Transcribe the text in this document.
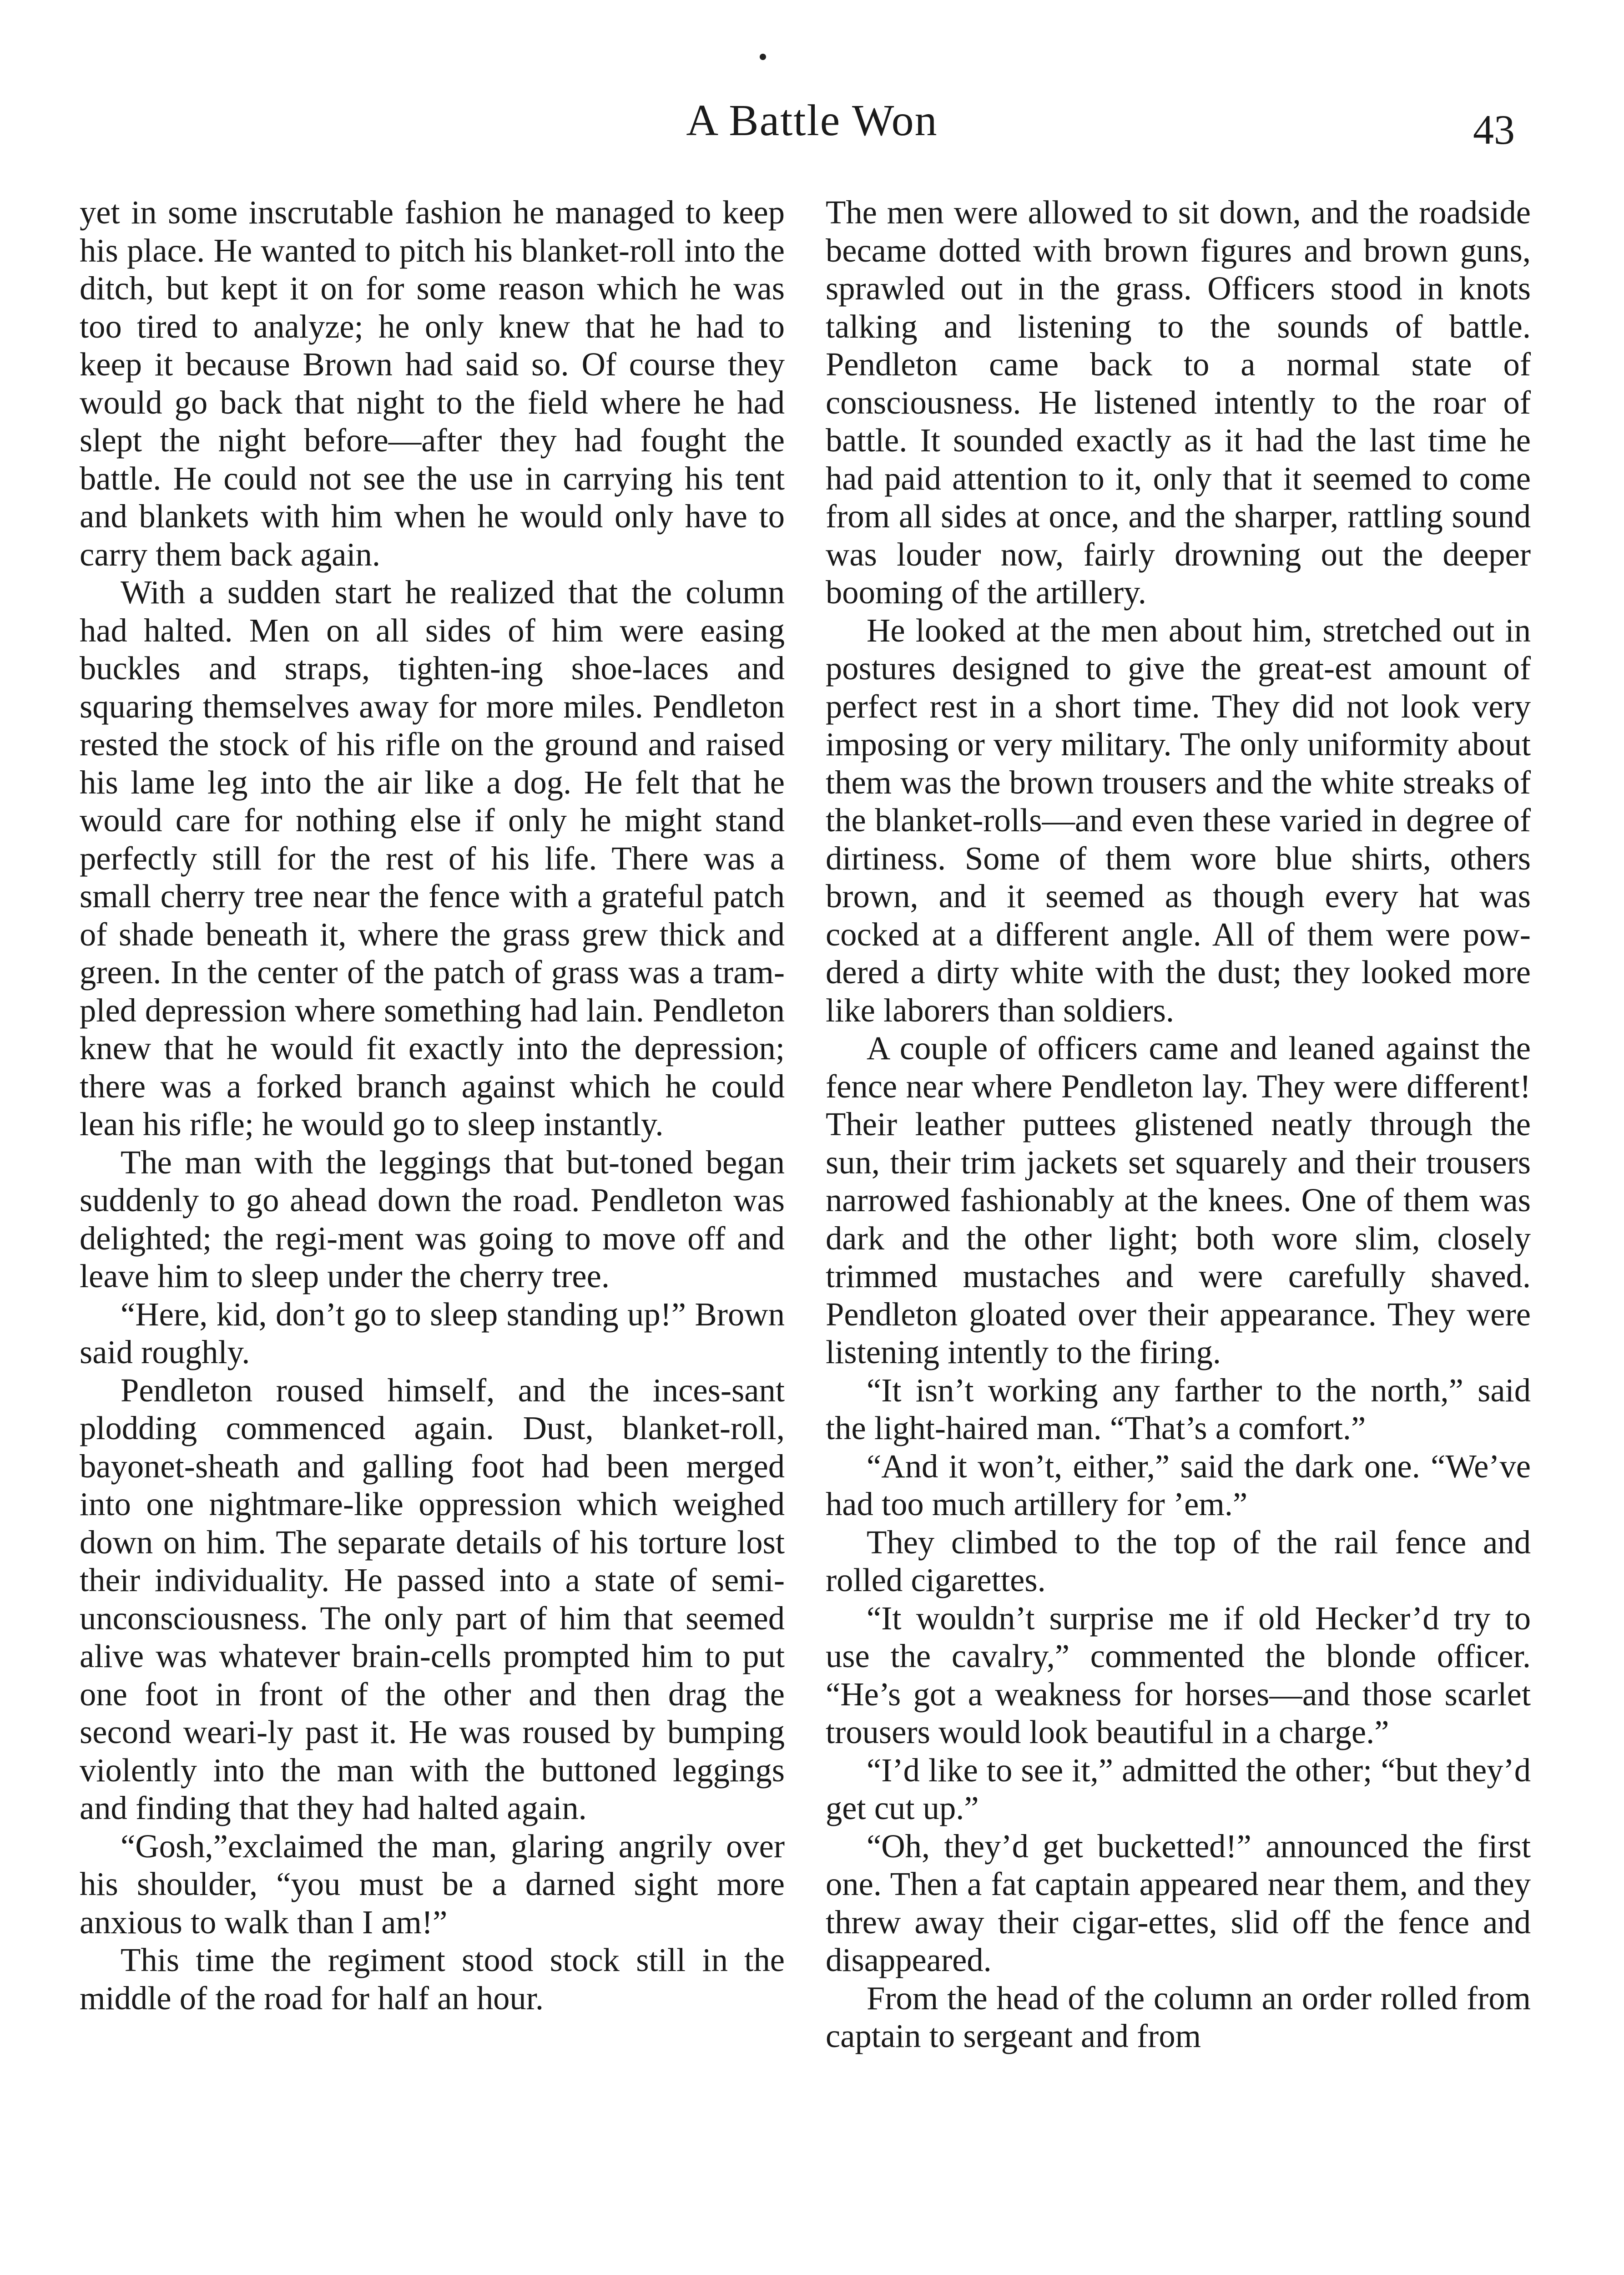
A Battle Won	43

yet in some inscrutable fashion he managed to keep his place. He wanted to pitch his blanket-roll into the ditch, but kept it on for some reason which he was too tired to analyze; he only knew that he had to keep it because Brown had said so. Of course they would go back that night to the field where he had slept the night before—after they had fought the battle. He could not see the use in carrying his tent and blankets with him when he would only have to carry them back again.

With a sudden start he realized that the column had halted. Men on all sides of him were easing buckles and straps, tighten-ing shoe-laces and squaring themselves away for more miles. Pendleton rested the stock of his rifle on the ground and raised his lame leg into the air like a dog. He felt that he would care for nothing else if only he might stand perfectly still for the rest of his life. There was a small cherry tree near the fence with a grateful patch of shade beneath it, where the grass grew thick and green. In the center of the patch of grass was a tram-pled depression where something had lain. Pendleton knew that he would fit exactly into the depression; there was a forked branch against which he could lean his rifle; he would go to sleep instantly.

The man with the leggings that but-toned began suddenly to go ahead down the road. Pendleton was delighted; the regi-ment was going to move off and leave him to sleep under the cherry tree.

“Here, kid, don’t go to sleep standing up!” Brown said roughly.

Pendleton roused himself, and the inces-sant plodding commenced again. Dust, blanket-roll, bayonet-sheath and galling foot had been merged into one nightmare-like oppression which weighed down on him. The separate details of his torture lost their individuality. He passed into a state of semi-unconsciousness. The only part of him that seemed alive was whatever brain-cells prompted him to put one foot in front of the other and then drag the second weari-ly past it. He was roused by bumping violently into the man with the buttoned leggings and finding that they had halted again.

“Gosh,”exclaimed the man, glaring angrily over his shoulder, “you must be a darned sight more anxious to walk than I am!”

This time the regiment stood stock still in the middle of the road for half an hour.

The men were allowed to sit down, and the roadside became dotted with brown figures and brown guns, sprawled out in the grass. Officers stood in knots talking and listening to the sounds of battle. Pendleton came back to a normal state of consciousness. He listened intently to the roar of battle. It sounded exactly as it had the last time he had paid attention to it, only that it seemed to come from all sides at once, and the sharper, rattling sound was louder now, fairly drowning out the deeper booming of the artillery.

He looked at the men about him, stretched out in postures designed to give the great-est amount of perfect rest in a short time. They did not look very imposing or very military. The only uniformity about them was the brown trousers and the white streaks of the blanket-rolls—and even these varied in degree of dirtiness. Some of them wore blue shirts, others brown, and it seemed as though every hat was cocked at a different angle. All of them were pow-dered a dirty white with the dust; they looked more like laborers than soldiers.

A couple of officers came and leaned against the fence near where Pendleton lay. They were different! Their leather puttees glistened neatly through the sun, their trim jackets set squarely and their trousers narrowed fashionably at the knees. One of them was dark and the other light; both wore slim, closely trimmed mustaches and were carefully shaved. Pendleton gloated over their appearance. They were listening intently to the firing.

“It isn’t working any farther to the north,” said the light-haired man. “That’s a comfort.”

“And it won’t, either,” said the dark one. “We’ve had too much artillery for ’em.”

They climbed to the top of the rail fence and rolled cigarettes.

“It wouldn’t surprise me if old Hecker’d try to use the cavalry,” commented the blonde officer. “He’s got a weakness for horses—and those scarlet trousers would look beautiful in a charge.”

“I’d like to see it,” admitted the other; “but they’d get cut up.”

“Oh, they’d get bucketted!” announced the first one. Then a fat captain appeared near them, and they threw away their cigar-ettes, slid off the fence and disappeared.

From the head of the column an order rolled from captain to sergeant and from
